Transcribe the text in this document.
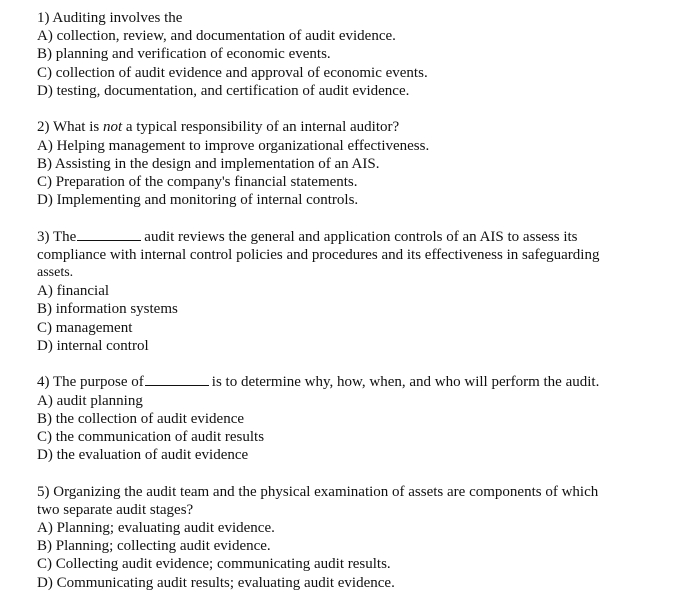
1) Auditing involves the
A) collection, review, and documentation of audit evidence.
B) planning and verification of economic events.
C) collection of audit evidence and approval of economic events.
D) testing, documentation, and certification of audit evidence.
2) What is not a typical responsibility of an internal auditor?
A) Helping management to improve organizational effectiveness.
B) Assisting in the design and implementation of an AIS.
C) Preparation of the company's financial statements.
D) Implementing and monitoring of internal controls.
3) The	audit reviews the general and application controls of an AIS to assess its
compliance with internal control policies and procedures and its effectiveness in safeguarding
assets.
A) financial
B) information systems
C) management
D) internal control
4) The purpose of	is to determine why, how, when, and who will perform the audit.
A) audit planning
B) the collection of audit evidence
C) the communication of audit results
D) the evaluation of audit evidence
5) Organizing the audit team and the physical examination of assets are components of which
two separate audit stages?
A) Planning; evaluating audit evidence.
B) Planning; collecting audit evidence.
C) Collecting audit evidence; communicating audit results.
D) Communicating audit results; evaluating audit evidence.
